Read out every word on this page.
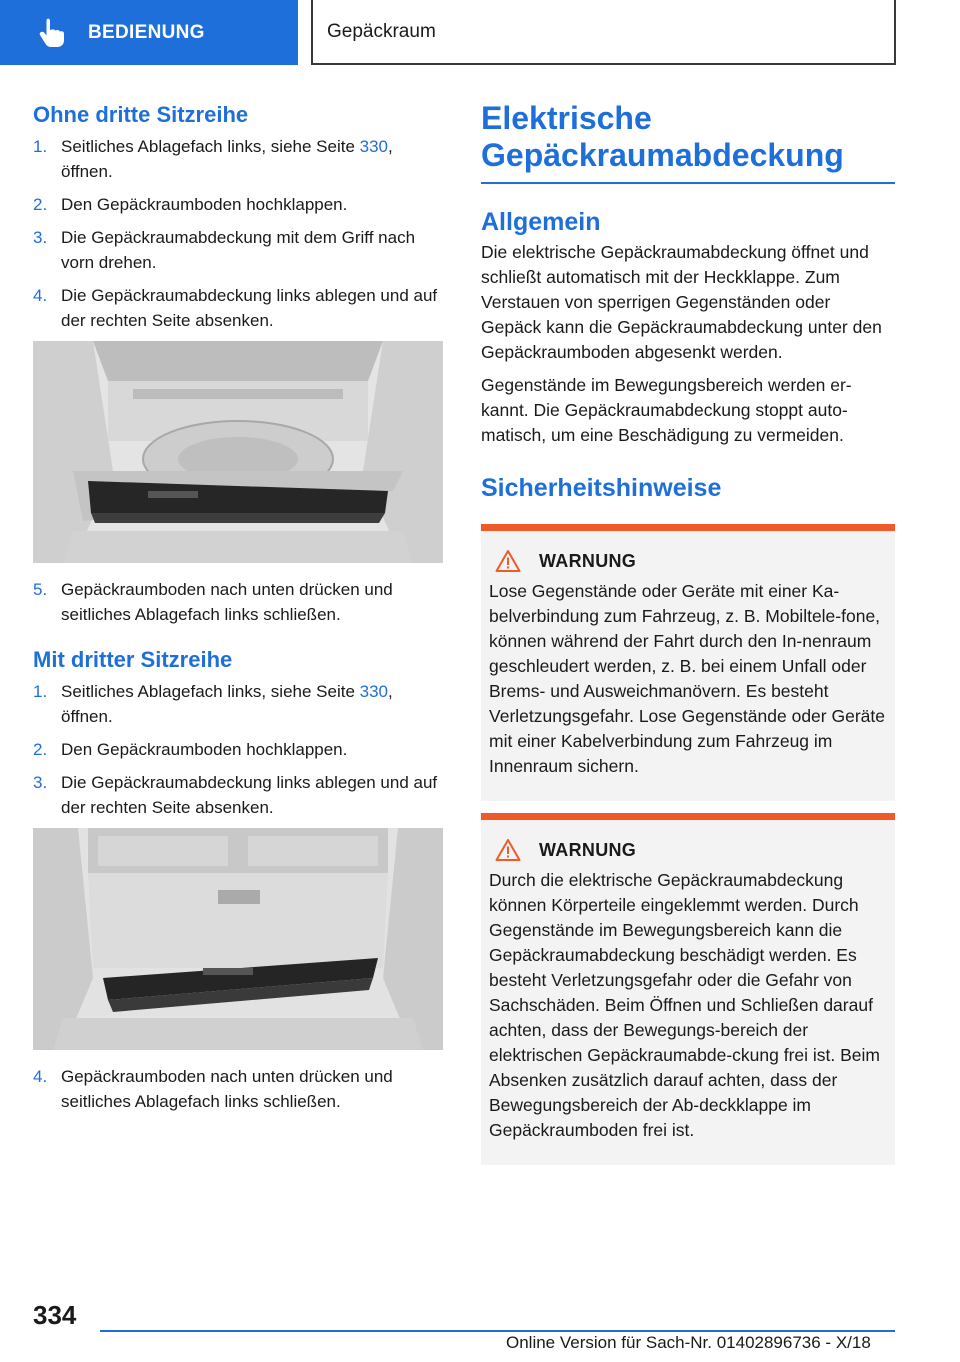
BEDIENUNG	Gepäckraum
Ohne dritte Sitzreihe
1. Seitliches Ablagefach links, siehe Seite 330, öffnen.
2. Den Gepäckraumboden hochklappen.
3. Die Gepäckraumabdeckung mit dem Griff nach vorn drehen.
4. Die Gepäckraumabdeckung links ablegen und auf der rechten Seite absenken.
5. Gepäckraumboden nach unten drücken und seitliches Ablagefach links schließen.
Mit dritter Sitzreihe
1. Seitliches Ablagefach links, siehe Seite 330, öffnen.
2. Den Gepäckraumboden hochklappen.
3. Die Gepäckraumabdeckung links ablegen und auf der rechten Seite absenken.
4. Gepäckraumboden nach unten drücken und seitliches Ablagefach links schließen.
Elektrische Gepäckraumabdeckung
Allgemein

Die elektrische Gepäckraumabdeckung öffnet und schließt automatisch mit der Heckklappe. Zum Verstauen von sperrigen Gegenständen oder Gepäck kann die Gepäckraumabdeckung unter den Gepäckraumboden abgesenkt werden.

Gegenstände im Bewegungsbereich werden er-kannt. Die Gepäckraumabdeckung stoppt auto-matisch, um eine Beschädigung zu vermeiden.

Sicherheitshinweise
WARNUNG

Lose Gegenstände oder Geräte mit einer Ka-belverbindung zum Fahrzeug, z. B. Mobiltele-fone, können während der Fahrt durch den In-nenraum geschleudert werden, z. B. bei einem Unfall oder Brems- und Ausweichmanövern. Es besteht Verletzungsgefahr. Lose Gegenstände oder Geräte mit einer Kabelverbindung zum Fahrzeug im Innenraum sichern.

WARNUNG

Durch die elektrische Gepäckraumabdeckung können Körperteile eingeklemmt werden. Durch Gegenstände im Bewegungsbereich kann die Gepäckraumabdeckung beschädigt werden. Es besteht Verletzungsgefahr oder die Gefahr von Sachschäden. Beim Öffnen und Schließen darauf achten, dass der Bewegungs-bereich der elektrischen Gepäckraumabde-ckung frei ist. Beim Absenken zusätzlich darauf achten, dass der Bewegungsbereich der Ab-deckklappe im Gepäckraumboden frei ist.

334
Online Version für Sach-Nr. 01402896736 - X/18
